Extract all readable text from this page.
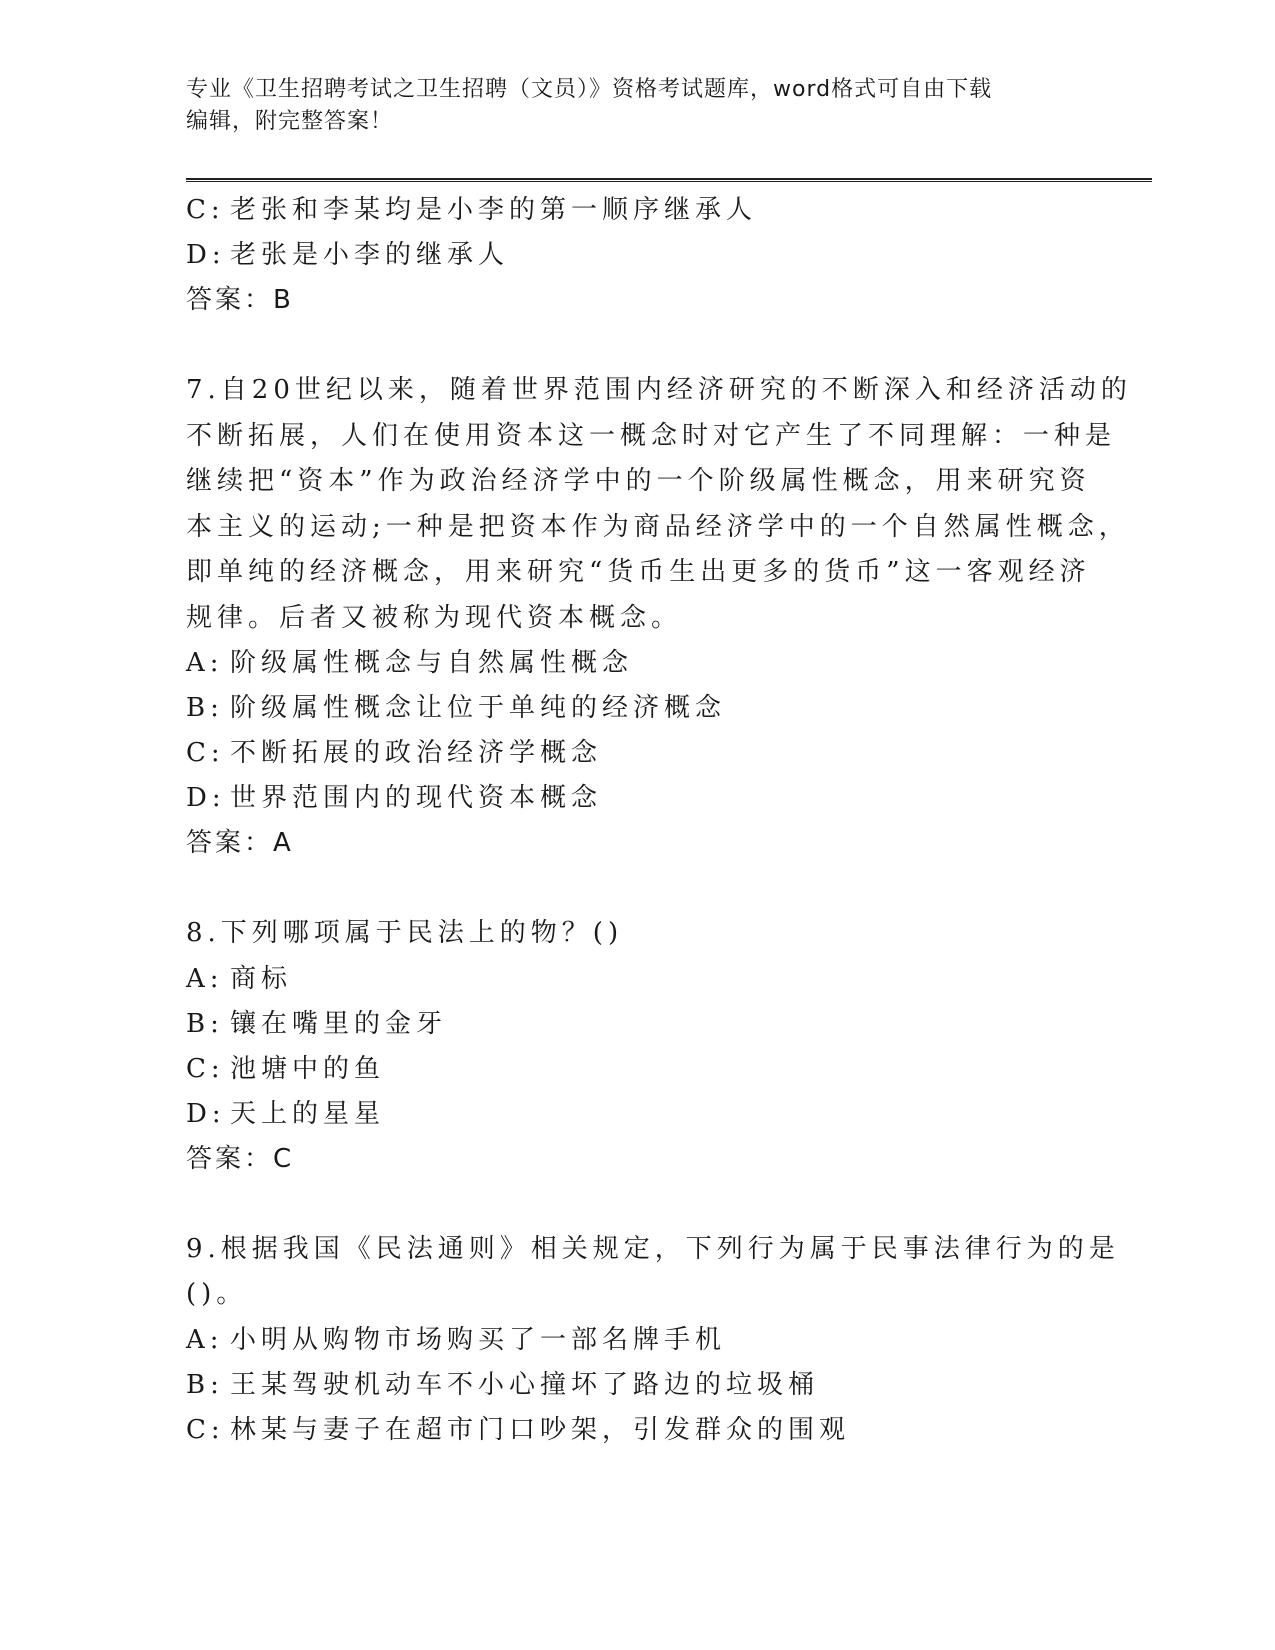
专业《卫生招聘考试之卫生招聘（文员）》资格考试题库，word格式可自由下载
编辑，附完整答案！
C: 老张和李某均是小李的第一顺序继承人
D: 老张是小李的继承人
答案：B
7.自20世纪以来，随着世界范围内经济研究的不断深入和经济活动的
不断拓展，人们在使用资本这一概念时对它产生了不同理解：一种是
继续把“资本”作为政治经济学中的一个阶级属性概念，用来研究资
本主义的运动;一种是把资本作为商品经济学中的一个自然属性概念，
即单纯的经济概念，用来研究“货币生出更多的货币”这一客观经济
规律。后者又被称为现代资本概念。
A: 阶级属性概念与自然属性概念
B: 阶级属性概念让位于单纯的经济概念
C: 不断拓展的政治经济学概念
D: 世界范围内的现代资本概念
答案：A
8.下列哪项属于民法上的物？()
A: 商标
B: 镶在嘴里的金牙
C: 池塘中的鱼
D: 天上的星星
答案：C
9.根据我国《民法通则》相关规定，下列行为属于民事法律行为的是
()。
A: 小明从购物市场购买了一部名牌手机
B: 王某驾驶机动车不小心撞坏了路边的垃圾桶
C: 林某与妻子在超市门口吵架，引发群众的围观
